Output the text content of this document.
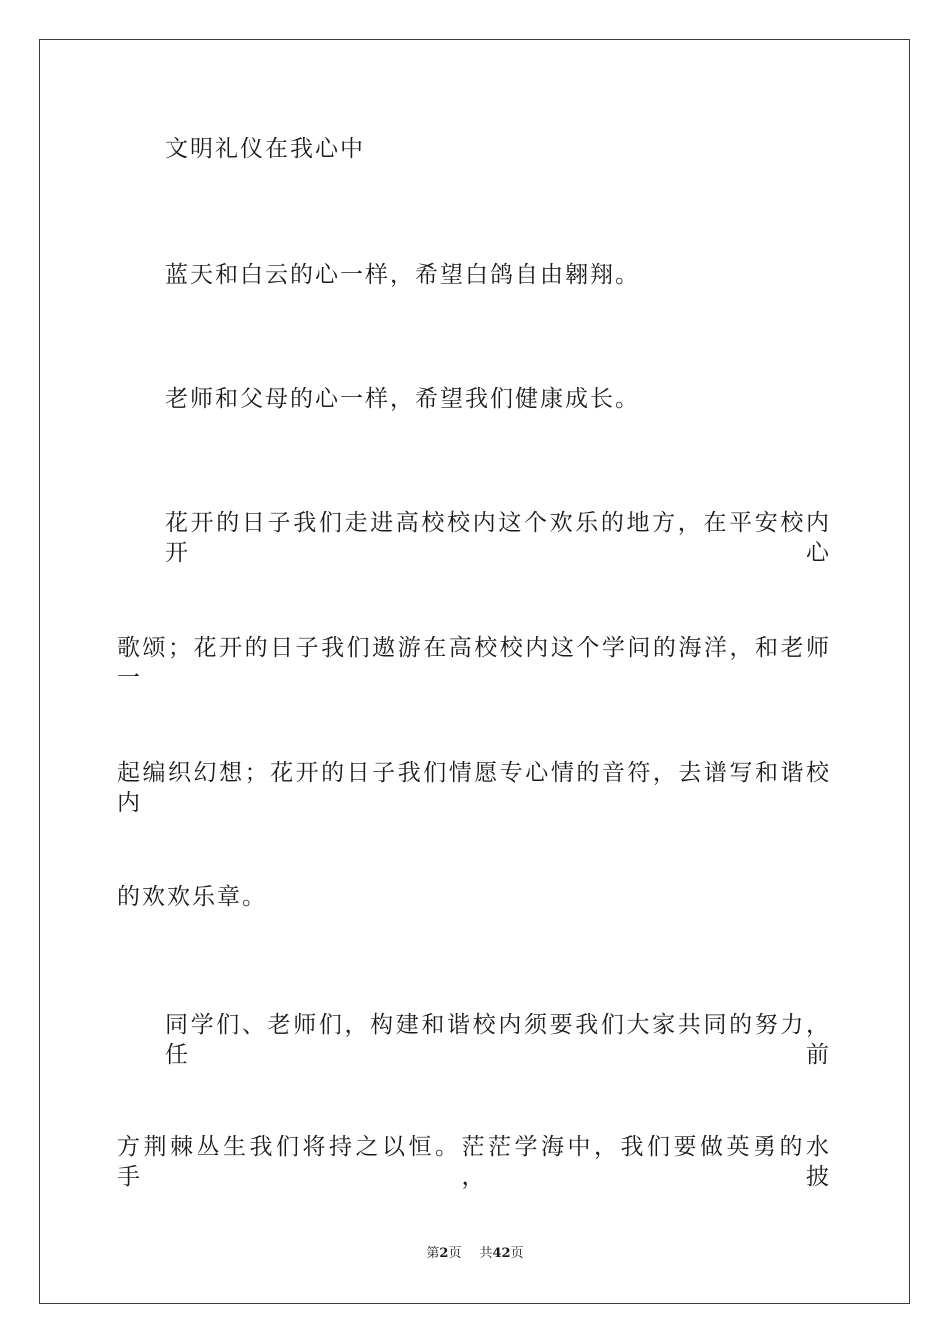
文明礼仪在我心中
蓝天和白云的心一样，希望白鸽自由翱翔。
老师和父母的心一样，希望我们健康成长。
花开的日子我们走进高校校内这个欢乐的地方，在平安校内开心
歌颂；花开的日子我们遨游在高校校内这个学问的海洋，和老师一
起编织幻想；花开的日子我们情愿专心情的音符，去谱写和谐校内
的欢欢乐章。
同学们、老师们，构建和谐校内须要我们大家共同的努力，任前
方荆棘丛生我们将持之以恒。茫茫学海中，我们要做英勇的水手，披
第2页 共42页
